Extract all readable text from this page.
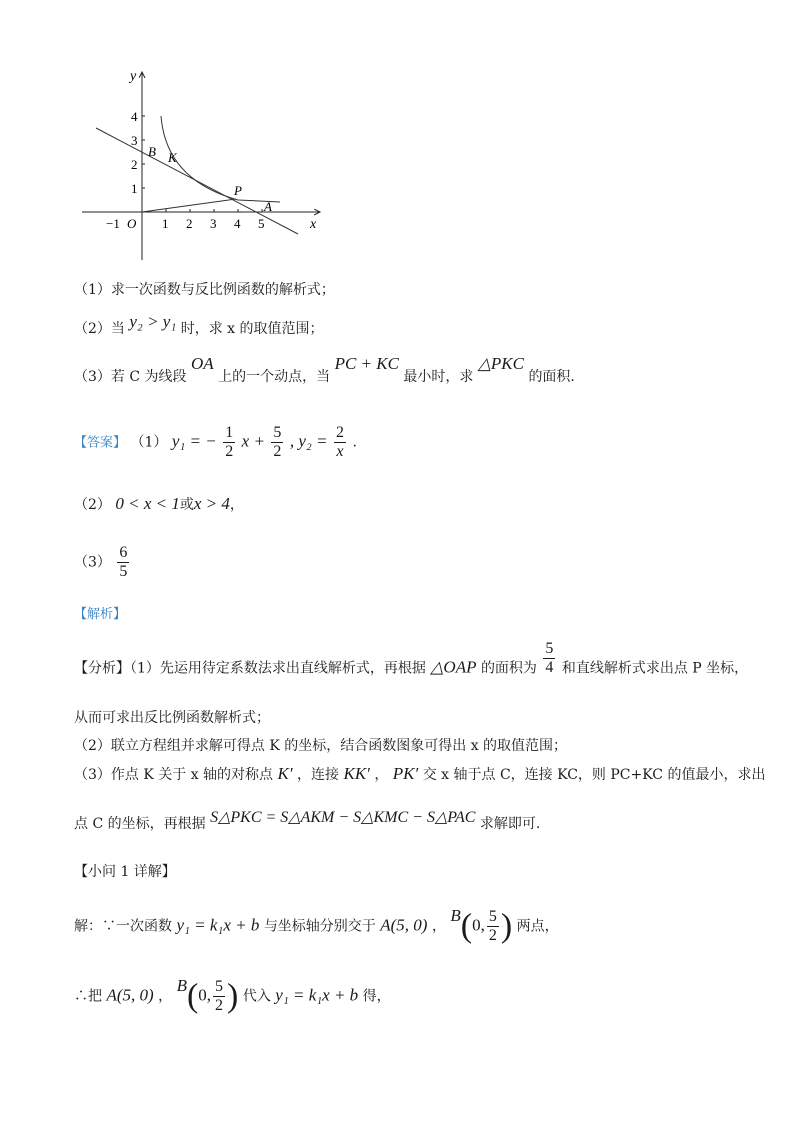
x
y
O
−1	1 2 3 4 5
1
2
3
4
B K
P
A
（1）求一次函数与反比例函数的解析式；
（2）当 y₂ > y₁ 时，求 x 的取值范围；
（3）若 C 为线段 OA 上的一个动点，当 PC + KC 最小时，求 △PKC 的面积.
【答案】 （1） y₁ = − $\frac{1}{2}$ $x + \frac{5}{2}$ , $y_2 = \frac{2}{x}$ .
（2） 0 < x < 1或x > 4，
$(3) \frac{6}{5}$
【解析】
【分析】（1）先运用待定系数法求出直线解析式，再根据 △OAP 的面积为 $\frac{5}{4}$ 和直线解析式求出点 P 坐标，
从而可求出反比例函数解析式；
（2）联立方程组并求解可得点 K 的坐标，结合函数图象可得出 x 的取值范围；
（3）作点 K 关于 x 轴的对称点 K′ ，连接 KK′ ， PK′ 交 x 轴于点 C，连接 KC，则 PC+KC 的值最小，求出
点 C 的坐标，再根据 S△PKC = S△AKM − S△KMC − S△PAC 求解即可.
【小问 1 详解】
解：∵一次函数 y₁ = k₁x + b 与坐标轴分别交于 A(5, 0) ， B(0, $\frac{5}{2}$ ) 两点，
∴把 A(5, 0) ， B(0, $\frac{5}{2}$ ) 代入 y₁ = k₁x + b 得，
